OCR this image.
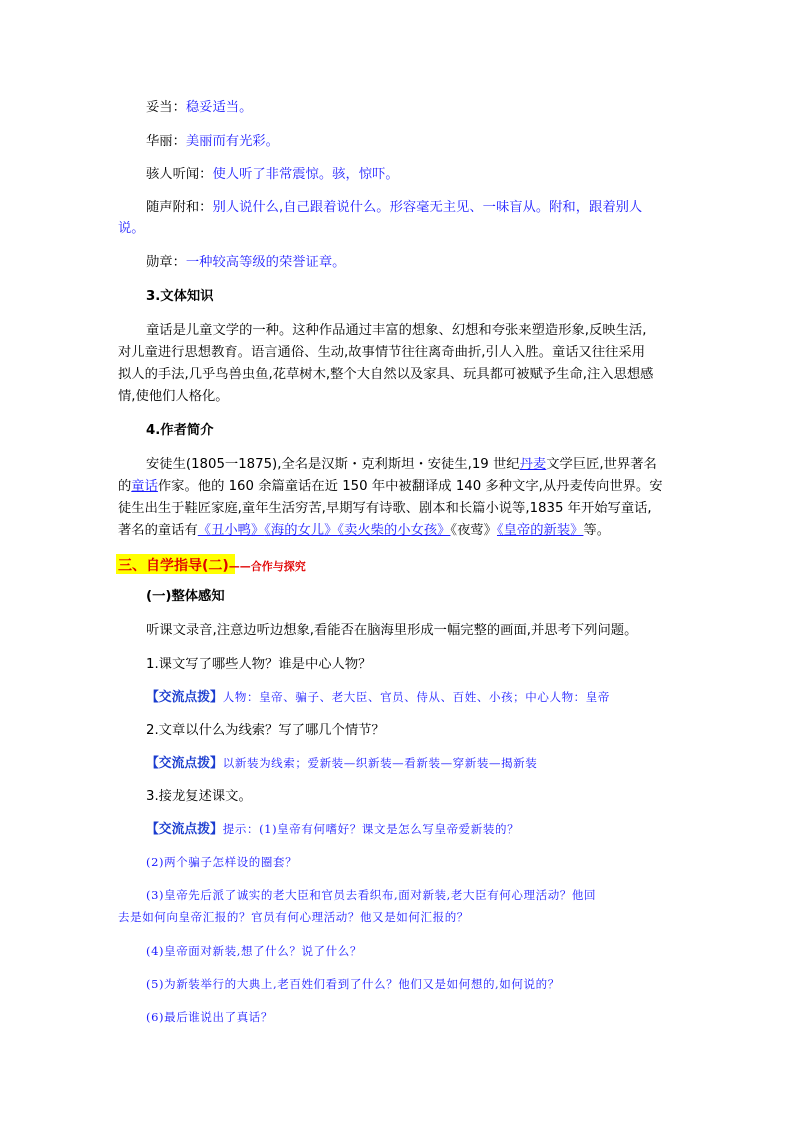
妥当：稳妥适当。
华丽：美丽而有光彩。
骇人听闻：使人听了非常震惊。骇，惊吓。
随声附和：别人说什么,自己跟着说什么。形容毫无主见、一味盲从。附和，跟着别人
说。
勋章：一种较高等级的荣誉证章。
3.文体知识
童话是儿童文学的一种。这种作品通过丰富的想象、幻想和夸张来塑造形象,反映生活,
对儿童进行思想教育。语言通俗、生动,故事情节往往离奇曲折,引人入胜。童话又往往采用
拟人的手法,几乎鸟兽虫鱼,花草树木,整个大自然以及家具、玩具都可被赋予生命,注入思想感
情,使他们人格化。
4.作者简介
安徒生(1805一1875),全名是汉斯・克利斯坦・安徒生,19 世纪丹麦文学巨匠,世界著名
的童话作家。他的 160 余篇童话在近 150 年中被翻译成 140 多种文字,从丹麦传向世界。安
徒生出生于鞋匠家庭,童年生活穷苦,早期写有诗歌、剧本和长篇小说等,1835 年开始写童话,
著名的童话有《丑小鸭》《海的女儿》《卖火柴的小女孩》《夜莺》《皇帝的新装》等。
三、自学指导(二)——合作与探究
(一)整体感知
听课文录音,注意边听边想象,看能否在脑海里形成一幅完整的画面,并思考下列问题。
1.课文写了哪些人物？谁是中心人物？
【交流点拨】人物：皇帝、骗子、老大臣、官员、侍从、百姓、小孩；中心人物：皇帝
2.文章以什么为线索？写了哪几个情节？
【交流点拨】以新装为线索；爱新装—织新装—看新装—穿新装—揭新装
3.接龙复述课文。
【交流点拨】提示：(1)皇帝有何嗜好？课文是怎么写皇帝爱新装的？
(2)两个骗子怎样设的圈套？
(3)皇帝先后派了诚实的老大臣和官员去看织布,面对新装,老大臣有何心理活动？他回
去是如何向皇帝汇报的？官员有何心理活动？他又是如何汇报的？
(4)皇帝面对新装,想了什么？说了什么？
(5)为新装举行的大典上,老百姓们看到了什么？他们又是如何想的,如何说的？
(6)最后谁说出了真话？
